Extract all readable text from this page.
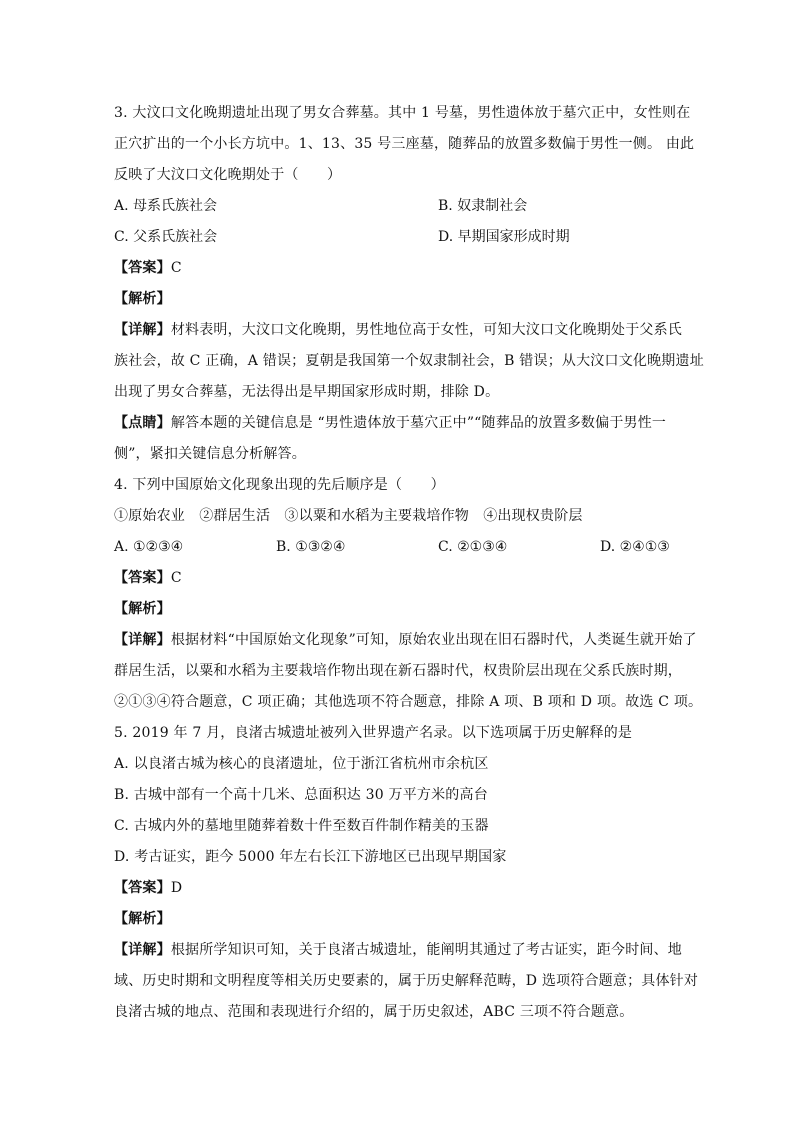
3. 大汶口文化晚期遗址出现了男女合葬墓。其中 1 号墓，男性遗体放于墓穴正中，女性则在
正穴扩出的一个小长方坑中。1、13、35 号三座墓，随葬品的放置多数偏于男性一侧。 由此
反映了大汶口文化晚期处于（　　）
A. 母系氏族社会	B. 奴隶制社会
C. 父系氏族社会	D. 早期国家形成时期
【答案】C
【解析】
【详解】材料表明，大汶口文化晚期，男性地位高于女性，可知大汶口文化晚期处于父系氏
族社会，故 C 正确，A 错误；夏朝是我国第一个奴隶制社会，B 错误；从大汶口文化晚期遗址
出现了男女合葬墓，无法得出是早期国家形成时期，排除 D。
【点睛】解答本题的关键信息是 “男性遗体放于墓穴正中”“随葬品的放置多数偏于男性一
侧”，紧扣关键信息分析解答。
4. 下列中国原始文化现象出现的先后顺序是（　　）
①原始农业　②群居生活　③以粟和水稻为主要栽培作物　④出现权贵阶层
A. ①②③④	B. ①③②④	C. ②①③④	D. ②④①③
【答案】C
【解析】
【详解】根据材料“中国原始文化现象”可知，原始农业出现在旧石器时代，人类诞生就开始了
群居生活，以粟和水稻为主要栽培作物出现在新石器时代，权贵阶层出现在父系氏族时期，
②①③④符合题意，C 项正确；其他选项不符合题意，排除 A 项、B 项和 D 项。故选 C 项。
5. 2019 年 7 月，良渚古城遗址被列入世界遗产名录。以下选项属于历史解释的是
A. 以良渚古城为核心的良渚遗址，位于浙江省杭州市余杭区
B. 古城中部有一个高十几米、总面积达 30 万平方米的高台
C. 古城内外的墓地里随葬着数十件至数百件制作精美的玉器
D. 考古证实，距今 5000 年左右长江下游地区已出现早期国家
【答案】D
【解析】
【详解】根据所学知识可知，关于良渚古城遗址，能阐明其通过了考古证实，距今时间、地
域、历史时期和文明程度等相关历史要素的，属于历史解释范畴，D 选项符合题意；具体针对
良渚古城的地点、范围和表现进行介绍的，属于历史叙述，ABC 三项不符合题意。
